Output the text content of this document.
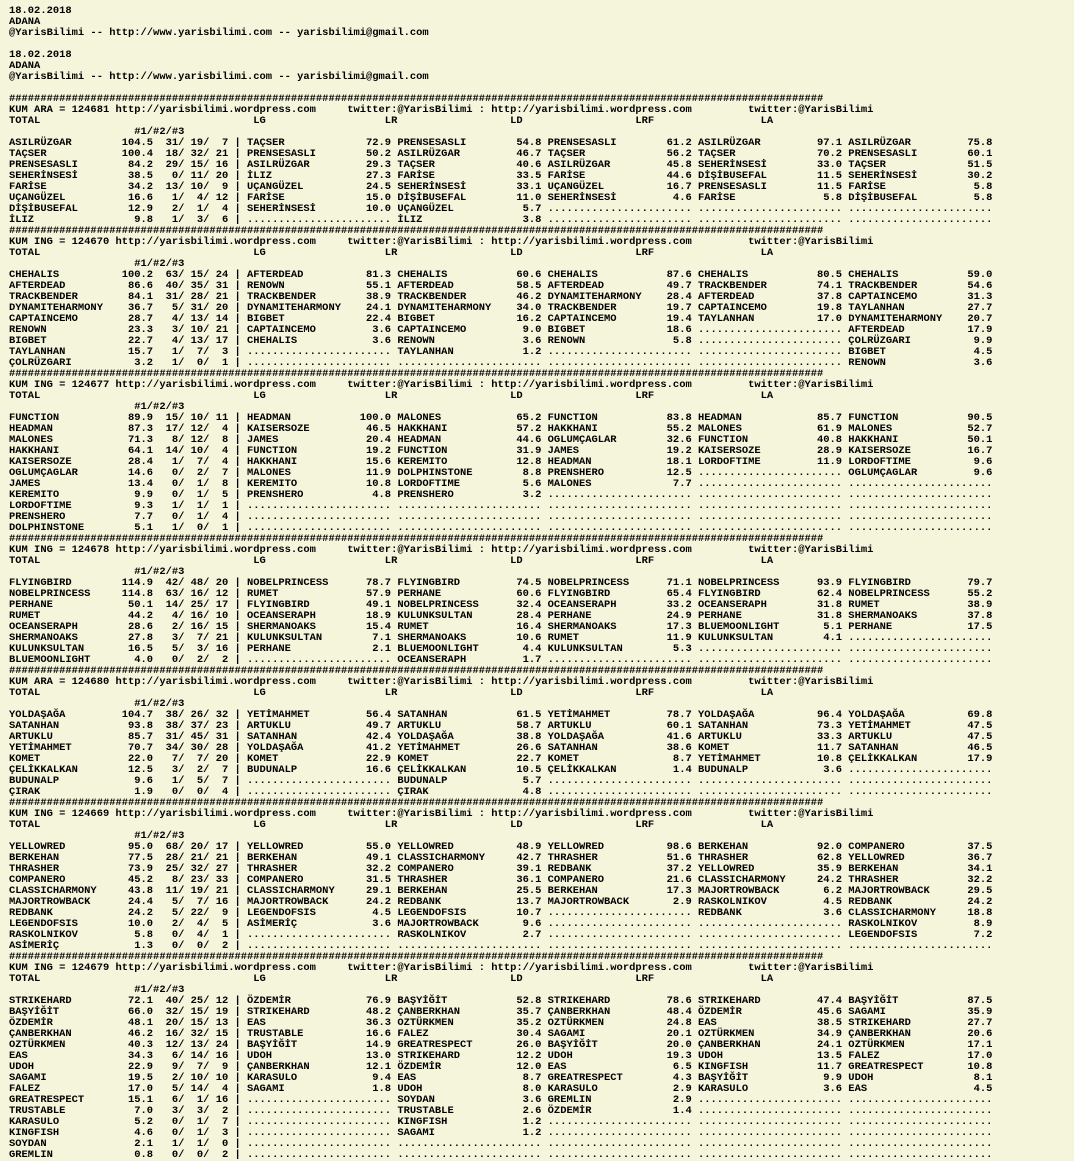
18.02.2018
ADANA
@YarisBilimi -- http://www.yarisbilimi.com -- yarisbilimi@gmail.com
18.02.2018
ADANA
@YarisBilimi -- http://www.yarisbilimi.com -- yarisbilimi@gmail.com
##################################################################################################################################
KUM ARA = 124681 http://yarisbilimi.wordpress.com     twitter:@YarisBilimi : http://yarisbilimi.wordpress.com         twitter:@YarisBilimi
TOTAL                                  LG                   LR                  LD                  LRF                 LA
#1/#2/#3
ASILRÜZGAR        104.5  31/ 19/  7 | TAÇSER             72.9 PRENSESASLI        54.8 PRENSESASLI        61.2 ASILRÜZGAR         97.1 ASILRÜZGAR         75.8
TAÇSER            100.4  18/ 32/ 21 | PRENSESASLI        50.2 ASILRÜZGAR         46.7 TAÇSER             56.2 TAÇSER             70.2 PRENSESASLI        60.1
PRENSESASLI        84.2  29/ 15/ 16 | ASILRÜZGAR         29.3 TAÇSER             40.6 ASILRÜZGAR         45.8 SEHERİNSESİ        33.0 TAÇSER             51.5
SEHERİNSESİ        38.5   0/ 11/ 20 | İLIZ               27.3 FARİSE             33.5 FARİSE             44.6 DİŞİBUSEFAL        11.5 SEHERİNSESİ        30.2
FARİSE             34.2  13/ 10/  9 | UÇANGÜZEL          24.5 SEHERİNSESİ        33.1 UÇANGÜZEL          16.7 PRENSESASLI        11.5 FARİSE              5.8
UÇANGÜZEL          16.6   1/  4/ 12 | FARİSE             15.0 DİŞİBUSEFAL        11.0 SEHERİNSESİ         4.6 FARİSE              5.8 DİŞİBUSEFAL         5.8
DİŞİBUSEFAL        12.9   2/  1/  4 | SEHERİNSESİ        10.0 UÇANGÜZEL           5.7 ....................... ....................... .......................
İLIZ                9.8   1/  3/  6 | ....................... İLIZ                3.8 ....................... ....................... .......................
##################################################################################################################################
KUM ING = 124670 http://yarisbilimi.wordpress.com     twitter:@YarisBilimi : http://yarisbilimi.wordpress.com         twitter:@YarisBilimi
TOTAL                                  LG                   LR                  LD                  LRF                 LA
#1/#2/#3
CHEHALIS          100.2  63/ 15/ 24 | AFTERDEAD          81.3 CHEHALIS           60.6 CHEHALIS           87.6 CHEHALIS           80.5 CHEHALIS           59.0
AFTERDEAD          86.6  40/ 35/ 31 | RENOWN             55.1 AFTERDEAD          58.5 AFTERDEAD          49.7 TRACKBENDER        74.1 TRACKBENDER        54.6
TRACKBENDER        84.1  31/ 28/ 21 | TRACKBENDER        38.9 TRACKBENDER        46.2 DYNAMITEHARMONY    28.4 AFTERDEAD          37.8 CAPTAINCEMO        31.3
DYNAMITEHARMONY    36.7   5/ 31/ 20 | DYNAMITEHARMONY    24.1 DYNAMITEHARMONY    34.0 TRACKBENDER        19.7 CAPTAINCEMO        19.8 TAYLANHAN          27.7
CAPTAINCEMO        28.7   4/ 13/ 14 | BIGBET             22.4 BIGBET             16.2 CAPTAINCEMO        19.4 TAYLANHAN          17.0 DYNAMITEHARMONY    20.7
RENOWN             23.3   3/ 10/ 21 | CAPTAINCEMO         3.6 CAPTAINCEMO         9.0 BIGBET             18.6 ....................... AFTERDEAD          17.9
BIGBET             22.7   4/ 13/ 17 | CHEHALIS            3.6 RENOWN              3.6 RENOWN              5.8 ....................... ÇOLRÜZGARI          9.9
TAYLANHAN          15.7   1/  7/  3 | ....................... TAYLANHAN           1.2 ....................... ....................... BIGBET              4.5
ÇOLRÜZGARI          3.2   1/  0/  1 | ....................... ....................... ....................... ....................... RENOWN              3.6
##################################################################################################################################
KUM ING = 124677 http://yarisbilimi.wordpress.com     twitter:@YarisBilimi : http://yarisbilimi.wordpress.com         twitter:@YarisBilimi
TOTAL                                  LG                   LR                  LD                  LRF                 LA
#1/#2/#3
FUNCTION           89.9  15/ 10/ 11 | HEADMAN           100.0 MALONES            65.2 FUNCTION           83.8 HEADMAN            85.7 FUNCTION           90.5
HEADMAN            87.3  17/ 12/  4 | KAISERSOZE         46.5 HAKKHANI           57.2 HAKKHANI           55.2 MALONES            61.9 MALONES            52.7
MALONES            71.3   8/ 12/  8 | JAMES              20.4 HEADMAN            44.6 OGLUMÇAGLAR        32.6 FUNCTION           40.8 HAKKHANI           50.1
HAKKHANI           64.1  14/ 10/  4 | FUNCTION           19.2 FUNCTION           31.9 JAMES              19.2 KAISERSOZE         28.9 KAISERSOZE         16.7
KAISERSOZE         28.4   1/  7/  4 | HAKKHANI           15.6 KEREMITO           12.8 HEADMAN            18.1 LORDOFTIME         11.9 LORDOFTIME          9.6
OGLUMÇAGLAR        14.6   0/  2/  7 | MALONES            11.9 DOLPHINSTONE        8.8 PRENSHERO          12.5 ....................... OGLUMÇAGLAR         9.6
JAMES              13.4   0/  1/  8 | KEREMITO           10.8 LORDOFTIME          5.6 MALONES             7.7 ....................... .......................
KEREMITO            9.9   0/  1/  5 | PRENSHERO           4.8 PRENSHERO           3.2 ....................... ....................... .......................
LORDOFTIME          9.3   1/  1/  1 | ....................... ....................... ....................... ....................... .......................
PRENSHERO           7.7   0/  1/  4 | ....................... ....................... ....................... ....................... .......................
DOLPHINSTONE        5.1   1/  0/  1 | ....................... ....................... ....................... ....................... .......................
##################################################################################################################################
KUM ING = 124678 http://yarisbilimi.wordpress.com     twitter:@YarisBilimi : http://yarisbilimi.wordpress.com         twitter:@YarisBilimi
TOTAL                                  LG                   LR                  LD                  LRF                 LA
#1/#2/#3
FLYINGBIRD        114.9  42/ 48/ 20 | NOBELPRINCESS      78.7 FLYINGBIRD         74.5 NOBELPRINCESS      71.1 NOBELPRINCESS      93.9 FLYINGBIRD         79.7
NOBELPRINCESS     114.8  63/ 16/ 12 | RUMET              57.9 PERHANE            60.6 FLYINGBIRD         65.4 FLYINGBIRD         62.4 NOBELPRINCESS      55.2
PERHANE            50.1  14/ 25/ 17 | FLYINGBIRD         49.1 NOBELPRINCESS      32.4 OCEANSERAPH        33.2 OCEANSERAPH        31.8 RUMET              38.9
RUMET              44.2   4/ 16/ 10 | OCEANSERAPH        18.9 KULUNKSULTAN       28.4 PERHANE            24.9 PERHANE            31.8 SHERMANOAKS        37.8
OCEANSERAPH        28.6   2/ 16/ 15 | SHERMANOAKS        15.4 RUMET              16.4 SHERMANOAKS        17.3 BLUEMOONLIGHT       5.1 PERHANE            17.5
SHERMANOAKS        27.8   3/  7/ 21 | KULUNKSULTAN        7.1 SHERMANOAKS        10.6 RUMET              11.9 KULUNKSULTAN        4.1 .......................
KULUNKSULTAN       16.5   5/  3/ 16 | PERHANE             2.1 BLUEMOONLIGHT       4.4 KULUNKSULTAN        5.3 ....................... .......................
BLUEMOONLIGHT       4.0   0/  2/  2 | ....................... OCEANSERAPH         1.7 ....................... ....................... .......................
##################################################################################################################################
KUM ARA = 124680 http://yarisbilimi.wordpress.com     twitter:@YarisBilimi : http://yarisbilimi.wordpress.com         twitter:@YarisBilimi
TOTAL                                  LG                   LR                  LD                  LRF                 LA
#1/#2/#3
YOLDAŞAĞA         104.7  38/ 26/ 32 | YETİMAHMET         56.4 SATANHAN           61.5 YETİMAHMET         78.7 YOLDAŞAĞA          96.4 YOLDAŞAĞA          69.8
SATANHAN           93.8  38/ 37/ 23 | ARTUKLU            49.7 ARTUKLU            58.7 ARTUKLU            60.1 SATANHAN           73.3 YETİMAHMET         47.5
ARTUKLU            85.7  31/ 45/ 31 | SATANHAN           42.4 YOLDAŞAĞA          38.8 YOLDAŞAĞA          41.6 ARTUKLU            33.3 ARTUKLU            47.5
YETİMAHMET         70.7  34/ 30/ 28 | YOLDAŞAĞA          41.2 YETİMAHMET         26.6 SATANHAN           38.6 KOMET              11.7 SATANHAN           46.5
KOMET              22.0   7/  7/ 20 | KOMET              22.9 KOMET              22.7 KOMET               8.7 YETİMAHMET         10.8 ÇELİKKALKAN        17.9
ÇELİKKALKAN        12.5   3/  2/  7 | BUDUNALP           16.6 ÇELİKKALKAN        10.5 ÇELİKKALKAN         1.4 BUDUNALP            3.6 .......................
BUDUNALP            9.6   1/  5/  7 | ....................... BUDUNALP            5.7 ....................... ....................... .......................
ÇIRAK               1.9   0/  0/  4 | ....................... ÇIRAK               4.8 ....................... ....................... .......................
##################################################################################################################################
KUM ING = 124669 http://yarisbilimi.wordpress.com     twitter:@YarisBilimi : http://yarisbilimi.wordpress.com         twitter:@YarisBilimi
TOTAL                                  LG                   LR                  LD                  LRF                 LA
#1/#2/#3
YELLOWRED          95.0  68/ 20/ 17 | YELLOWRED          55.0 YELLOWRED          48.9 YELLOWRED          98.6 BERKEHAN           92.0 COMPANERO          37.5
BERKEHAN           77.5  28/ 21/ 21 | BERKEHAN           49.1 CLASSICHARMONY     42.7 THRASHER           51.6 THRASHER           62.8 YELLOWRED          36.7
THRASHER           73.9  25/ 32/ 27 | THRASHER           32.2 COMPANERO          39.1 REDBANK            37.2 YELLOWRED          35.9 BERKEHAN           34.1
COMPANERO          45.2   8/ 23/ 33 | COMPANERO          31.5 THRASHER           36.1 COMPANERO          21.6 CLASSICHARMONY     24.2 THRASHER           32.2
CLASSICHARMONY     43.8  11/ 19/ 21 | CLASSICHARMONY     29.1 BERKEHAN           25.5 BERKEHAN           17.3 MAJORTROWBACK       6.2 MAJORTROWBACK      29.5
MAJORTROWBACK      24.4   5/  7/ 16 | MAJORTROWBACK      24.2 REDBANK            13.7 MAJORTROWBACK       2.9 RASKOLNIKOV         4.5 REDBANK            24.2
REDBANK            24.2   5/ 22/  9 | LEGENDOFSIS         4.5 LEGENDOFSIS        10.7 ....................... REDBANK             3.6 CLASSICHARMONY     18.8
LEGENDOFSIS        10.0   2/  4/  5 | ASİMERİÇ            3.6 MAJORTROWBACK       9.6 ....................... ....................... RASKOLNIKOV         8.9
RASKOLNIKOV         5.8   0/  4/  1 | ....................... RASKOLNIKOV         2.7 ....................... ....................... LEGENDOFSIS         7.2
ASİMERİÇ            1.3   0/  0/  2 | ....................... ....................... ....................... ....................... .......................
##################################################################################################################################
KUM ING = 124679 http://yarisbilimi.wordpress.com     twitter:@YarisBilimi : http://yarisbilimi.wordpress.com         twitter:@YarisBilimi
TOTAL                                  LG                   LR                  LD                  LRF                 LA
#1/#2/#3
STRIKEHARD         72.1  40/ 25/ 12 | ÖZDEMİR            76.9 BAŞYİĞİT           52.8 STRIKEHARD         78.6 STRIKEHARD         47.4 BAŞYİĞİT           87.5
BAŞYİĞİT           66.0  32/ 15/ 19 | STRIKEHARD         48.2 ÇANBERKHAN         35.7 ÇANBERKHAN         48.4 ÖZDEMİR            45.6 SAGAMI             35.9
ÖZDEMİR            48.1  20/ 15/ 13 | EAS                36.3 OZTÜRKMEN          35.2 OZTÜRKMEN          24.8 EAS                38.5 STRIKEHARD         27.7
ÇANBERKHAN         46.2  16/ 32/ 15 | TRUSTABLE          16.6 FALEZ              30.4 SAGAMI             20.1 OZTÜRKMEN          34.9 ÇANBERKHAN         20.6
OZTÜRKMEN          40.3  12/ 13/ 24 | BAŞYİĞİT           14.9 GREATRESPECT       26.0 BAŞYİĞİT           20.0 ÇANBERKHAN         24.1 OZTÜRKMEN          17.1
EAS                34.3   6/ 14/ 16 | UDOH               13.0 STRIKEHARD         12.2 UDOH               19.3 UDOH               13.5 FALEZ              17.0
UDOH               22.9   9/  7/  9 | ÇANBERKHAN         12.1 ÖZDEMİR            12.0 EAS                 6.5 KINGFISH           11.7 GREATRESPECT       10.8
SAGAMI             19.5   2/ 10/ 10 | KARASULO            9.4 EAS                 8.7 GREATRESPECT        4.3 BAŞYİĞİT            9.9 UDOH                8.1
FALEZ              17.0   5/ 14/  4 | SAGAMI              1.8 UDOH                8.0 KARASULO            2.9 KARASULO            3.6 EAS                 4.5
GREATRESPECT       15.1   6/  1/ 16 | ....................... SOYDAN              3.6 GREMLIN             2.9 ....................... .......................
TRUSTABLE           7.0   3/  3/  2 | ....................... TRUSTABLE           2.6 ÖZDEMİR             1.4 ....................... .......................
KARASULO            5.2   0/  1/  7 | ....................... KINGFISH            1.2 ....................... ....................... .......................
KINGFISH            4.6   0/  1/  3 | ....................... SAGAMI              1.2 ....................... ....................... .......................
SOYDAN              2.1   1/  1/  0 | ....................... ....................... ....................... ....................... .......................
GREMLIN             0.8   0/  0/  2 | ....................... ....................... ....................... ....................... .......................
